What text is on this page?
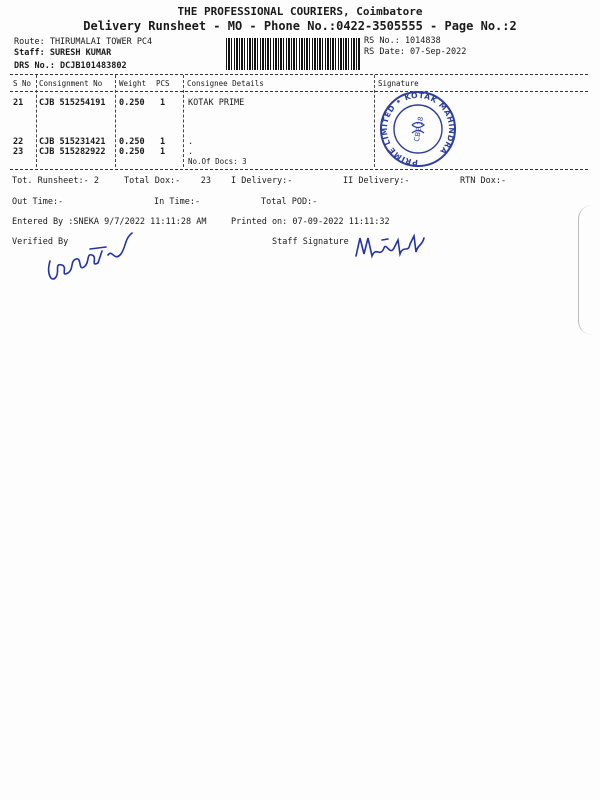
THE PROFESSIONAL COURIERS, Coimbatore
Delivery Runsheet - MO - Phone No.:0422-3505555 - Page No.:2
Route: THIRUMALAI TOWER PC4
Staff: SURESH KUMAR
DRS No.: DCJB101483802
RS No.: 1014838
RS Date: 07-Sep-2022
S No Consignment No Weight PCS Consignee Details	Signature
21 CJB 515254191 0.250 1	KOTAK PRIME
22 CJB 515231421 0.250 1	.
23 CJB 515282922 0.250 1	.
No.Of Docs: 3	PRIME LIMITED • KOTAK MAHINDRA
CBE 18
Tot. Runsheet:- 2	Total Dox:-    23 I Delivery:-	II Delivery:-	RTN Dox:-
Out Time:-	In Time:-	Total POD:-
Entered By :SNEKA 9/7/2022 11:11:28 AM	Printed on: 07-09-2022 11:11:32
Verified By	Staff Signature
